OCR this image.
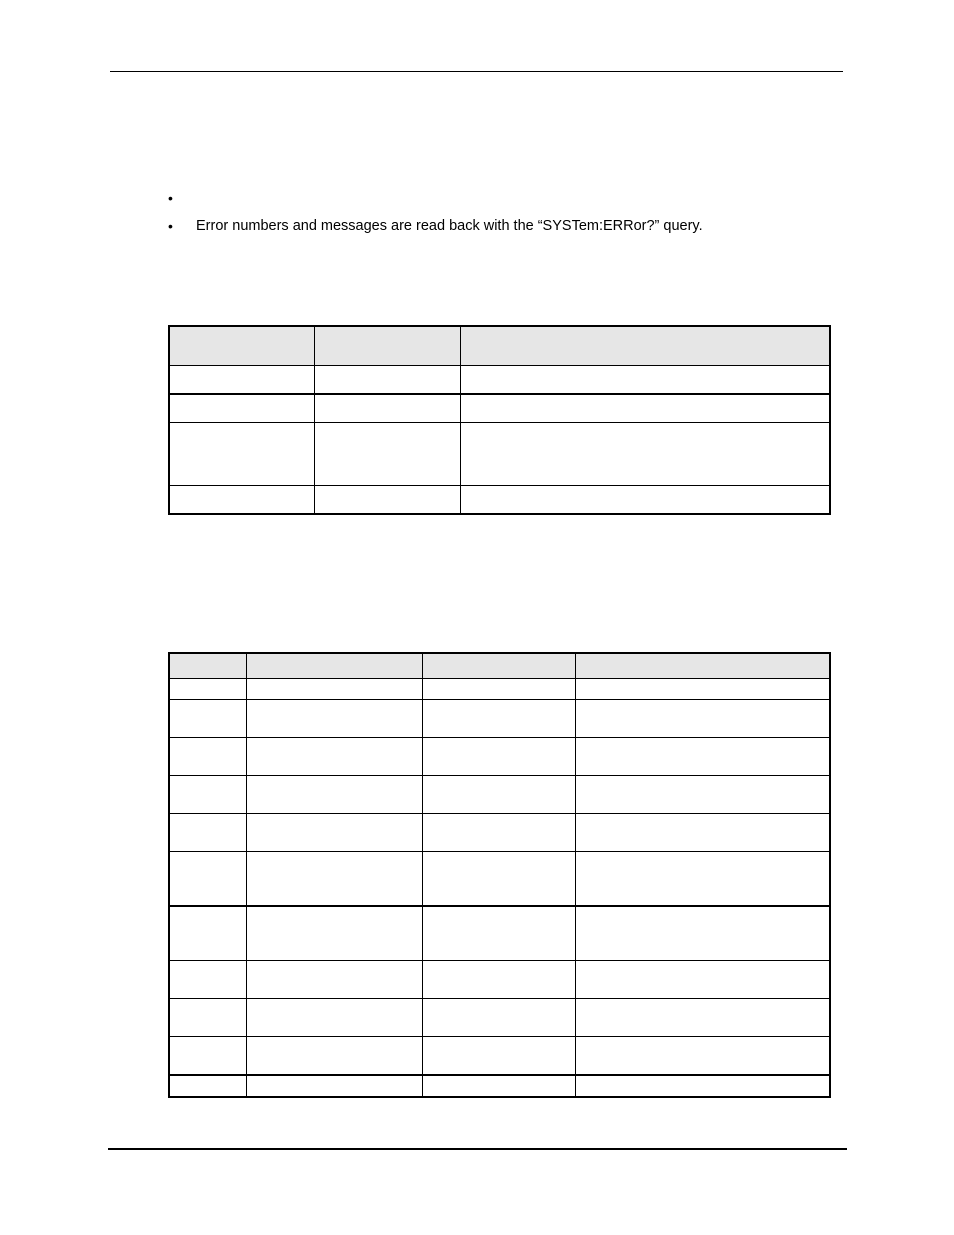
•
• Error numbers and messages are read back with the “SYSTem:ERRor?” query.
